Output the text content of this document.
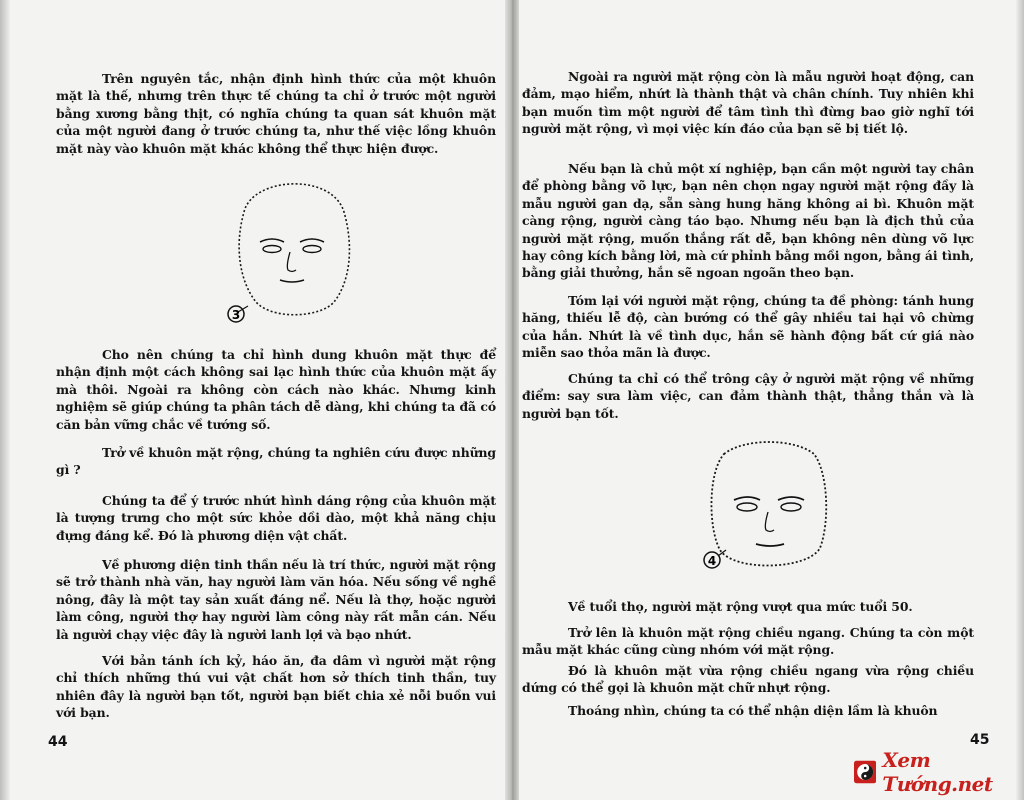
Trên nguyên tắc, nhận định hình thức của một khuôn mặt là thế, nhưng trên thực tế chúng ta chỉ ở trước một người bằng xương bằng thịt, có nghĩa chúng ta quan sát khuôn mặt của một người đang ở trước chúng ta, như thế việc lồng khuôn mặt này vào khuôn mặt khác không thể thực hiện được.

3

Cho nên chúng ta chỉ hình dung khuôn mặt thực để nhận định một cách không sai lạc hình thức của khuôn mặt ấy mà thôi. Ngoài ra không còn cách nào khác. Nhưng kinh nghiệm sẽ giúp chúng ta phân tách dễ dàng, khi chúng ta đã có căn bản vững chắc về tướng số.

Trở về khuôn mặt rộng, chúng ta nghiên cứu được những gì ?

Chúng ta để ý trước nhứt hình dáng rộng của khuôn mặt là tượng trưng cho một sức khỏe dồi dào, một khả năng chịu đựng đáng kể. Đó là phương diện vật chất.

Về phương diện tinh thần nếu là trí thức, người mặt rộng sẽ trở thành nhà văn, hay người làm văn hóa. Nếu sống về nghề nông, đây là một tay sản xuất đáng nể. Nếu là thợ, hoặc người làm công, người thợ hay người làm công này rất mẫn cán. Nếu là người chạy việc đây là người lanh lợi và bạo nhứt.

Với bản tánh ích kỷ, háo ăn, đa dâm vì người mặt rộng chỉ thích những thú vui vật chất hơn sở thích tinh thần, tuy nhiên đây là người bạn tốt, người bạn biết chia xẻ nỗi buồn vui với bạn.

44

Ngoài ra người mặt rộng còn là mẫu người hoạt động, can đảm, mạo hiểm, nhứt là thành thật và chân chính. Tuy nhiên khi bạn muốn tìm một người để tâm tình thì đừng bao giờ nghĩ tới người mặt rộng, vì mọi việc kín đáo của bạn sẽ bị tiết lộ.

Nếu bạn là chủ một xí nghiệp, bạn cần một người tay chân để phòng bằng võ lực, bạn nên chọn ngay người mặt rộng đầy là mẫu người gan dạ, sẵn sàng hung hăng không ai bì. Khuôn mặt càng rộng, người càng táo bạo. Nhưng nếu bạn là địch thủ của người mặt rộng, muốn thắng rất dễ, bạn không nên dùng võ lực hay công kích bằng lời, mà cứ phỉnh bằng mồi ngon, bằng ái tình, bằng giải thưởng, hắn sẽ ngoan ngoãn theo bạn.

Tóm lại với người mặt rộng, chúng ta đề phòng: tánh hung hăng, thiếu lễ độ, càn bướng có thể gây nhiều tai hại vô chừng của hắn. Nhứt là về tình dục, hắn sẽ hành động bất cứ giá nào miễn sao thỏa mãn là được.

Chúng ta chỉ có thể trông cậy ở người mặt rộng về những điểm: say sưa làm việc, can đảm thành thật, thẳng thắn và là người bạn tốt.

4

Về tuổi thọ, người mặt rộng vượt qua mức tuổi 50.

Trở lên là khuôn mặt rộng chiều ngang. Chúng ta còn một mẫu mặt khác cũng cùng nhóm với mặt rộng.

Đó là khuôn mặt vừa rộng chiều ngang vừa rộng chiều dứng có thể gọi là khuôn mặt chữ nhựt rộng.

Thoáng nhìn, chúng ta có thể nhận diện lầm là khuôn

45
Xem Tướng.net
